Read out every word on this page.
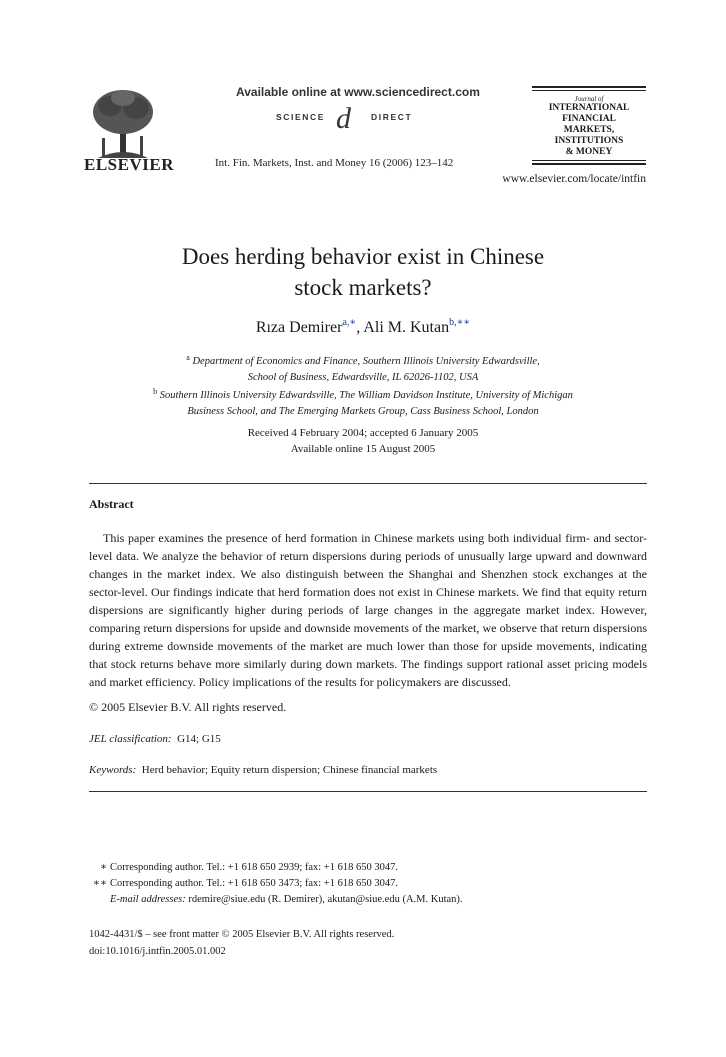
ELSEVIER
Available online at www.sciencedirect.com
SCIENCE d DIRECT
Int. Fin. Markets, Inst. and Money 16 (2006) 123–142
Journal of
INTERNATIONAL
FINANCIAL
MARKETS,
INSTITUTIONS
& MONEY
www.elsevier.com/locate/intfin
Does herding behavior exist in Chinese
stock markets?
Rıza Demirer$^{a,∗}$, Ali M. Kutan$^{b,∗∗}$
$^a$ Department of Economics and Finance, Southern Illinois University Edwardsville,
School of Business, Edwardsville, IL 62026-1102, USA
$^b$ Southern Illinois University Edwardsville, The William Davidson Institute, University of Michigan
Business School, and The Emerging Markets Group, Cass Business School, London
Received 4 February 2004; accepted 6 January 2005
Available online 15 August 2005
Abstract
This paper examines the presence of herd formation in Chinese markets using both individual firm- and sector-level data. We analyze the behavior of return dispersions during periods of unusually large upward and downward changes in the market index. We also distinguish between the Shanghai and Shenzhen stock exchanges at the sector-level. Our findings indicate that herd formation does not exist in Chinese markets. We find that equity return dispersions are significantly higher during periods of large changes in the aggregate market index. However, comparing return dispersions for upside and downside movements of the market, we observe that return dispersions during extreme downside movements of the market are much lower than those for upside movements, indicating that stock returns behave more similarly during down markets. The findings support rational asset pricing models and market efficiency. Policy implications of the results for policymakers are discussed.
© 2005 Elsevier B.V. All rights reserved.
JEL classification: G14; G15
Keywords: Herd behavior; Equity return dispersion; Chinese financial markets
∗ Corresponding author. Tel.: +1 618 650 2939; fax: +1 618 650 3047.
∗∗ Corresponding author. Tel.: +1 618 650 3473; fax: +1 618 650 3047.
E-mail addresses: rdemire@siue.edu (R. Demirer), akutan@siue.edu (A.M. Kutan).
1042-4431/$ – see front matter © 2005 Elsevier B.V. All rights reserved.
doi:10.1016/j.intfin.2005.01.002
